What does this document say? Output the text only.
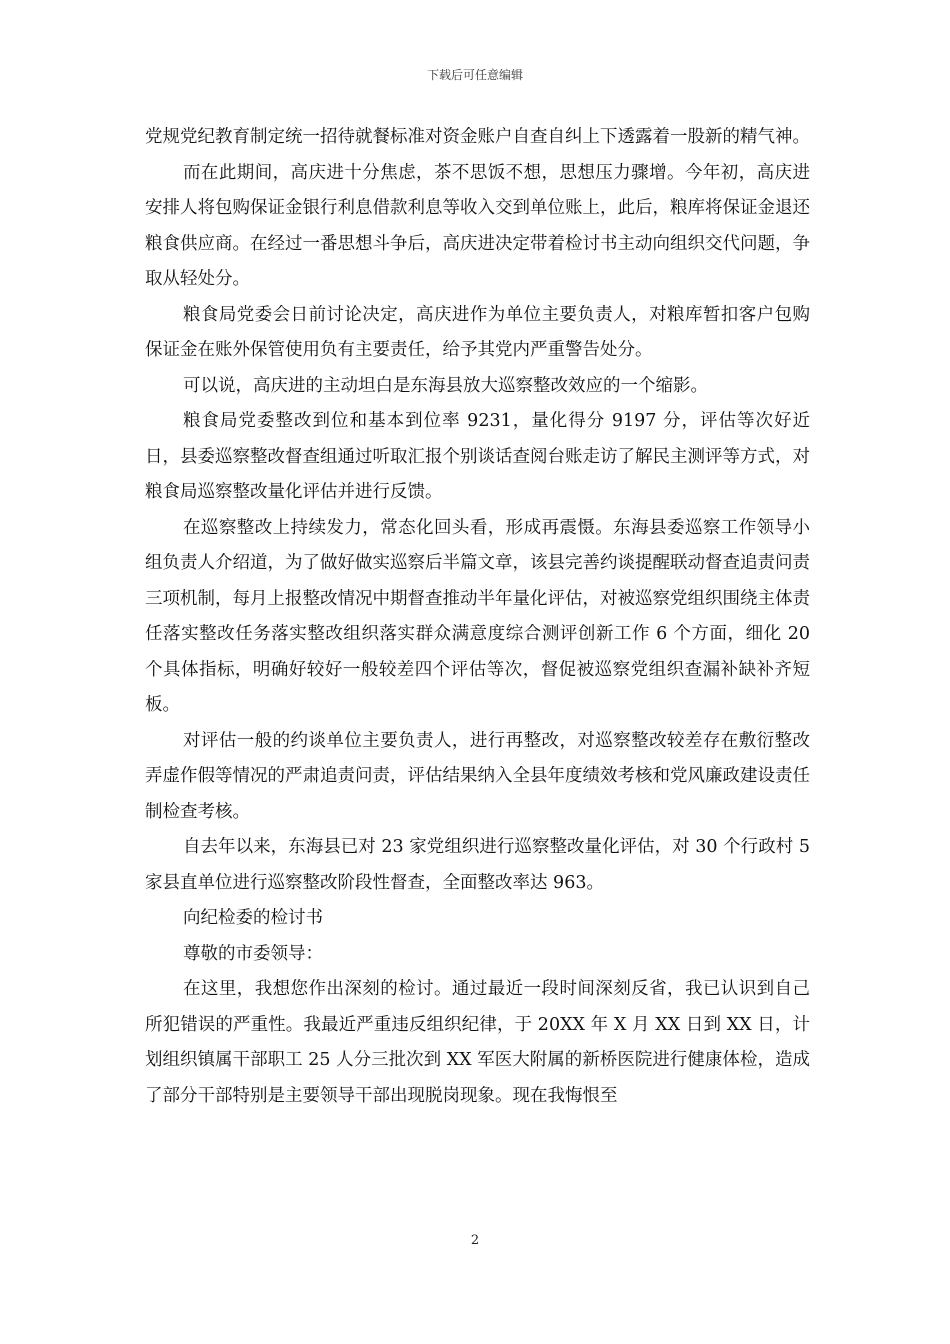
下载后可任意编辑

党规党纪教育制定统一招待就餐标准对资金账户自查自纠上下透露着一股新的精气神。

而在此期间，高庆进十分焦虑，茶不思饭不想，思想压力骤增。今年初，高庆进安排人将包购保证金银行利息借款利息等收入交到单位账上，此后，粮库将保证金退还粮食供应商。在经过一番思想斗争后，高庆进决定带着检讨书主动向组织交代问题，争取从轻处分。

粮食局党委会日前讨论决定，高庆进作为单位主要负责人，对粮库暂扣客户包购保证金在账外保管使用负有主要责任，给予其党内严重警告处分。

可以说，高庆进的主动坦白是东海县放大巡察整改效应的一个缩影。

粮食局党委整改到位和基本到位率 9231，量化得分 9197 分，评估等次好近日，县委巡察整改督查组通过听取汇报个别谈话查阅台账走访了解民主测评等方式，对粮食局巡察整改量化评估并进行反馈。

在巡察整改上持续发力，常态化回头看，形成再震慑。东海县委巡察工作领导小组负责人介绍道，为了做好做实巡察后半篇文章，该县完善约谈提醒联动督查追责问责三项机制，每月上报整改情况中期督查推动半年量化评估，对被巡察党组织围绕主体责任落实整改任务落实整改组织落实群众满意度综合测评创新工作 6 个方面，细化 20 个具体指标，明确好较好一般较差四个评估等次，督促被巡察党组织查漏补缺补齐短板。

对评估一般的约谈单位主要负责人，进行再整改，对巡察整改较差存在敷衍整改弄虚作假等情况的严肃追责问责，评估结果纳入全县年度绩效考核和党风廉政建设责任制检查考核。

自去年以来，东海县已对 23 家党组织进行巡察整改量化评估，对 30 个行政村 5 家县直单位进行巡察整改阶段性督查，全面整改率达 963。

向纪检委的检讨书

尊敬的市委领导：

在这里，我想您作出深刻的检讨。通过最近一段时间深刻反省，我已认识到自己所犯错误的严重性。我最近严重违反组织纪律，于 20XX 年 X 月 XX 日到 XX 日，计划组织镇属干部职工 25 人分三批次到 XX 军医大附属的新桥医院进行健康体检，造成了部分干部特别是主要领导干部出现脱岗现象。现在我悔恨至

2
